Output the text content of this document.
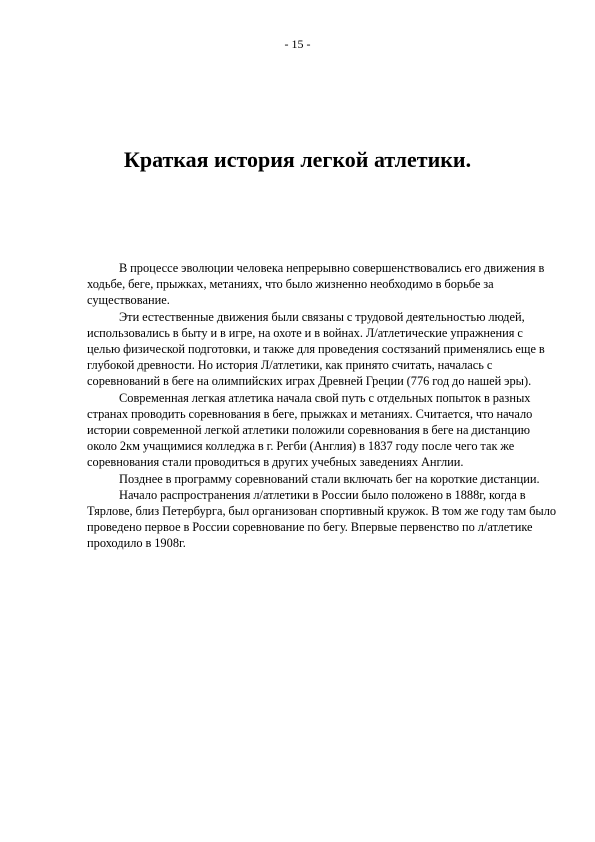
- 15 -
Краткая история легкой атлетики.

В процессе эволюции человека непрерывно совершенствовались его движения в ходьбе, беге, прыжках, метаниях, что было жизненно необходимо в борьбе за существование.

Эти естественные движения были связаны с трудовой деятельностью людей, использовались в быту и в игре, на охоте и в войнах. Л/атлетические упражнения с целью физической подготовки, и также для проведения состязаний применялись еще в глубокой древности. Но история Л/атлетики, как принято считать, началась с соревнований в беге на олимпийских играх Древней Греции (776 год до нашей эры).

Современная легкая атлетика начала свой путь с отдельных попыток в разных странах проводить соревнования в беге, прыжках и метаниях. Считается, что начало истории современной легкой атлетики положили соревнования в беге на дистанцию около 2км учащимися колледжа в г. Регби (Англия) в 1837 году после чего так же соревнования стали проводиться в других учебных заведениях Англии.

Позднее в программу соревнований стали включать бег на короткие дистанции.

Начало распространения л/атлетики в России было положено в 1888г, когда в Тярлове, близ Петербурга, был организован спортивный кружок. В том же году там было проведено первое в России соревнование по бегу. Впервые первенство по л/атлетике проходило в 1908г.
